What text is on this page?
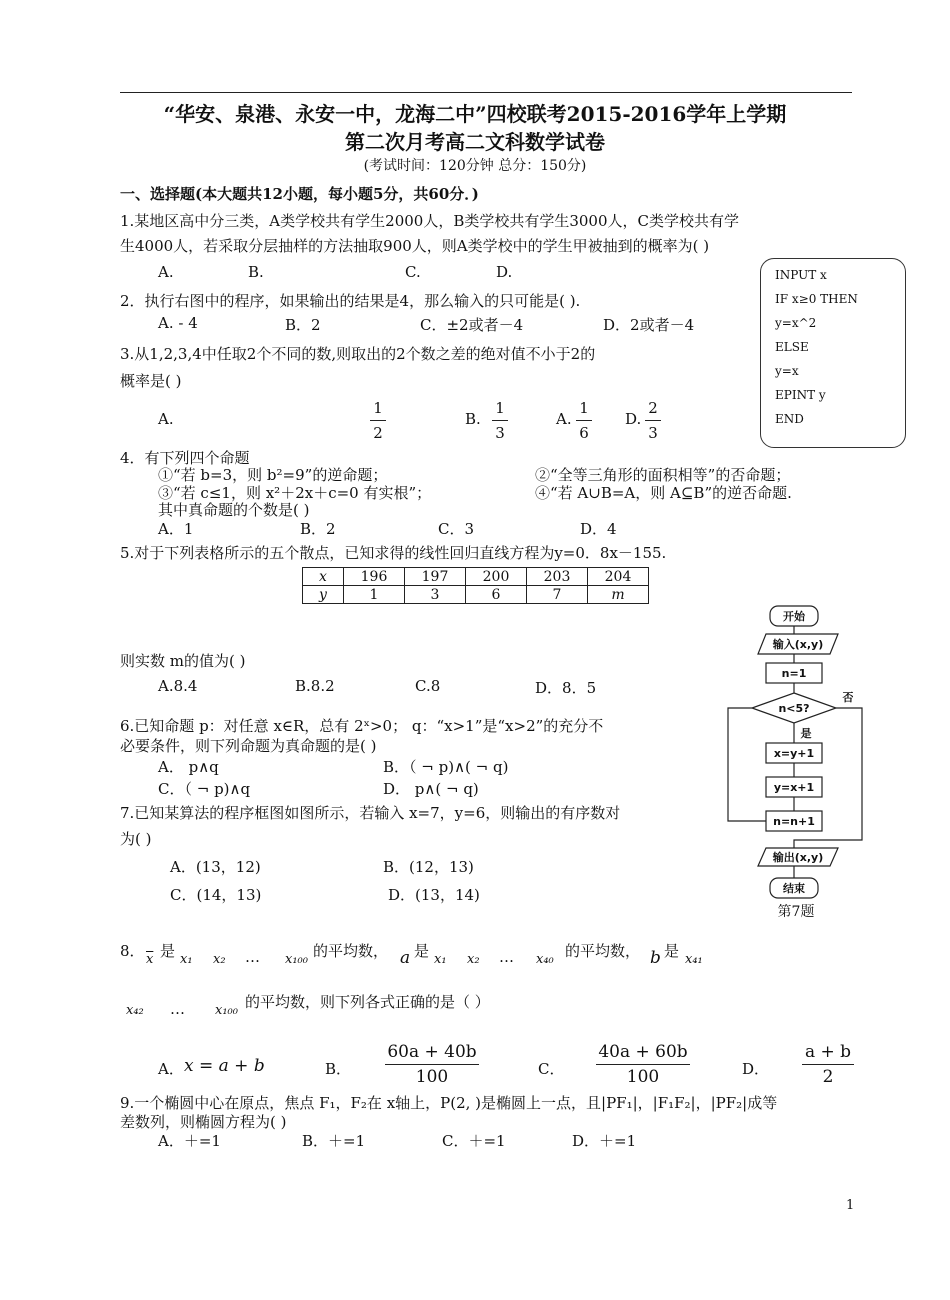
“华安、泉港、永安一中，龙海二中”四校联考2015-2016学年上学期
第二次月考高二文科数学试卷
(考试时间：120分钟 总分：150分)
一、选择题(本大题共12小题，每小题5分，共60分．)
1.某地区高中分三类，A类学校共有学生2000人，B类学校共有学生3000人，C类学校共有学
生4000人，若采取分层抽样的方法抽取900人，则A类学校中的学生甲被抽到的概率为( )
A.	B.	C.	D.
2．执行右图中的程序，如果输出的结果是4，那么输入的只可能是( ).
A. - 4	B．2	C．±2或者－4	D．2或者－4
INPUT x
IF x≥0 THEN
y=x^2
ELSE
y=x
EPINT y
END
3.从1,2,3,4中任取2个不同的数,则取出的2个数之差的绝对值不小于2的
概率是( )
A.
1
2
B.
1
3
A.
1
6
D.
2
3
4．有下列四个命题
①“若 b=3，则 b²=9”的逆命题；	②“全等三角形的面积相等”的否命题；
③“若 c≤1，则 x²＋2x＋c=0 有实根”；	④“若 A∪B=A，则 A⊆B”的逆否命题.
其中真命题的个数是( )
A．1	B．2	C．3	D．4
5.对于下列表格所示的五个散点，已知求得的线性回归直线方程为y=0．8x－155.
x	196	197	200	203	204
y	1	3	6	7	m
则实数 m的值为( )
A.8.4	B.8.2	C.8	D．8．5
6.已知命题 p：对任意 x∈R，总有 2ˣ>0； q：“x>1”是“x>2”的充分不
必要条件，则下列命题为真命题的是( )
A． p∧q	B．（ ¬ p)∧( ¬ q)
C．（ ¬ p)∧q	D． p∧( ¬ q)
7.已知某算法的程序框图如图所示，若输入 x=7，y=6，则输出的有序数对
为( )
A．(13，12)	B．(12，13)
C．(14，13)	D．(13，14)
开始
输入(x,y)
n=1
n<5?
是
否
x=y+1
y=x+1
n=n+1
输出(x,y)
结束
第7题
8． $\overline{x}$ 是 x₁ x₂ … x₁₀₀ 的平均数， a 是 x₁ x₂ … x₄₀ 的平均数， b 是 x₄₁
x₄₂ … x₁₀₀ 的平均数，则下列各式正确的是（ ）
A． x = a + b	B．
60a + 40b
100	C．
40a + 60b
100	D．
a + b
2
9.一个椭圆中心在原点，焦点 F₁，F₂在 x轴上，P(2, )是椭圆上一点，且|PF₁|，|F₁F₂|，|PF₂|成等
差数列，则椭圆方程为( )
A．＋=1	B．＋=1	C．＋=1	D．＋=1
1
